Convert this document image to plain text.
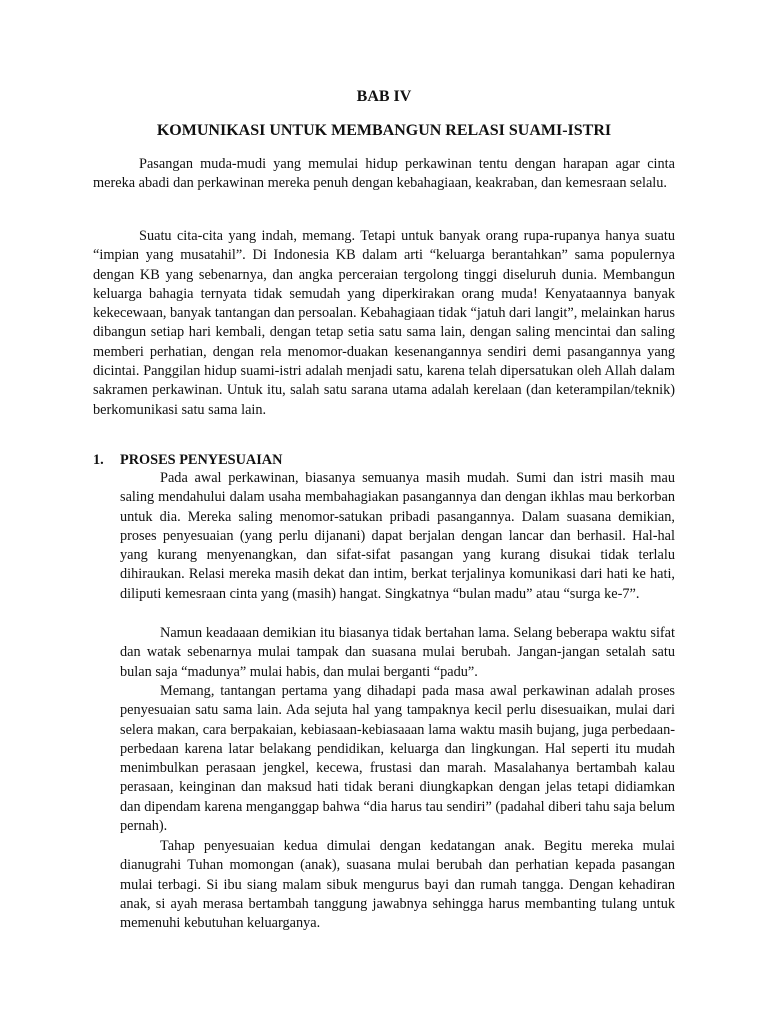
BAB IV
KOMUNIKASI UNTUK MEMBANGUN RELASI SUAMI-ISTRI

Pasangan muda-mudi yang memulai hidup perkawinan tentu dengan harapan agar cinta mereka abadi dan perkawinan mereka penuh dengan kebahagiaan, keakraban, dan kemesraan selalu.

Suatu cita-cita yang indah, memang. Tetapi untuk banyak orang rupa-rupanya hanya suatu “impian yang musatahil”. Di Indonesia KB dalam arti “keluarga berantahkan” sama populernya dengan KB yang sebenarnya, dan angka perceraian tergolong tinggi diseluruh dunia. Membangun keluarga bahagia ternyata tidak semudah yang diperkirakan orang muda! Kenyataannya banyak kekecewaan, banyak tantangan dan persoalan. Kebahagiaan tidak “jatuh dari langit”, melainkan harus dibangun setiap hari kembali, dengan tetap setia satu sama lain, dengan saling mencintai dan saling memberi perhatian, dengan rela menomor-duakan kesenangannya sendiri demi pasangannya yang dicintai. Panggilan hidup suami-istri adalah menjadi satu, karena telah dipersatukan oleh Allah dalam sakramen perkawinan. Untuk itu, salah satu sarana utama adalah kerelaan (dan keterampilan/teknik) berkomunikasi satu sama lain.

1. PROSES PENYESUAIAN

Pada awal perkawinan, biasanya semuanya masih mudah. Sumi dan istri masih mau saling mendahului dalam usaha membahagiakan pasangannya dan dengan ikhlas mau berkorban untuk dia. Mereka saling menomor-satukan pribadi pasangannya. Dalam suasana demikian, proses penyesuaian (yang perlu dijanani) dapat berjalan dengan lancar dan berhasil. Hal-hal yang kurang menyenangkan, dan sifat-sifat pasangan yang kurang disukai tidak terlalu dihiraukan. Relasi mereka masih dekat dan intim, berkat terjalinya komunikasi dari hati ke hati, diliputi kemesraan cinta yang (masih) hangat. Singkatnya “bulan madu” atau “surga ke-7”.

Namun keadaaan demikian itu biasanya tidak bertahan lama. Selang beberapa waktu sifat dan watak sebenarnya mulai tampak dan suasana mulai berubah. Jangan-jangan setalah satu bulan saja “madunya” mulai habis, dan mulai berganti “padu”.

Memang, tantangan pertama yang dihadapi pada masa awal perkawinan adalah proses penyesuaian satu sama lain. Ada sejuta hal yang tampaknya kecil perlu disesuaikan, mulai dari selera makan, cara berpakaian, kebiasaan-kebiasaaan lama waktu masih bujang, juga perbedaan-perbedaan karena latar belakang pendidikan, keluarga dan lingkungan. Hal seperti itu mudah menimbulkan perasaan jengkel, kecewa, frustasi dan marah. Masalahanya bertambah kalau perasaan, keinginan dan maksud hati tidak berani diungkapkan dengan jelas tetapi didiamkan dan dipendam karena menganggap bahwa “dia harus tau sendiri” (padahal diberi tahu saja belum pernah).

Tahap penyesuaian kedua dimulai dengan kedatangan anak. Begitu mereka mulai dianugrahi Tuhan momongan (anak), suasana mulai berubah dan perhatian kepada pasangan mulai terbagi. Si ibu siang malam sibuk mengurus bayi dan rumah tangga. Dengan kehadiran anak, si ayah merasa bertambah tanggung jawabnya sehingga harus membanting tulang untuk memenuhi kebutuhan keluarganya.
